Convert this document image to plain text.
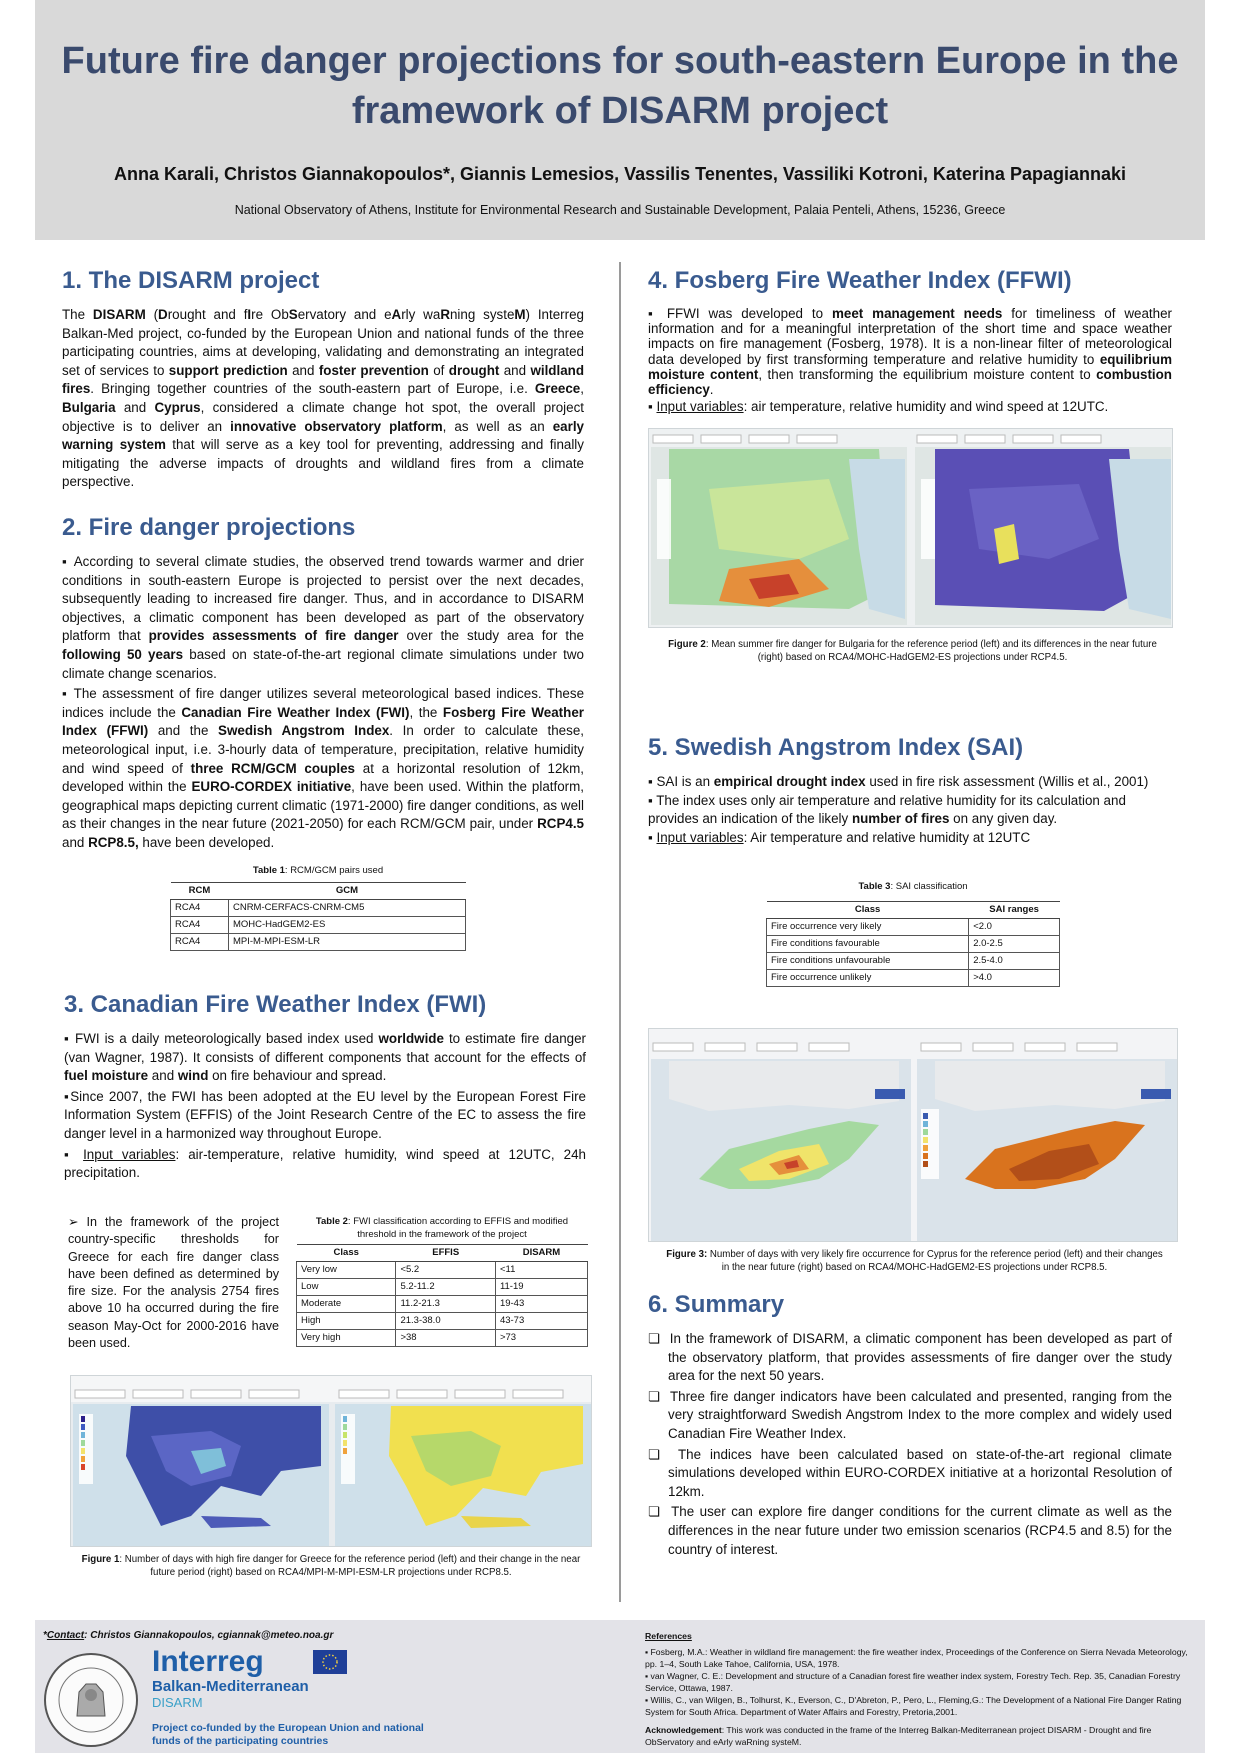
Future fire danger projections for south-eastern Europe in the
framework of DISARM project
Anna Karali, Christos Giannakopoulos*, Giannis Lemesios, Vassilis Tenentes, Vassiliki Kotroni, Katerina Papagiannaki
National Observatory of Athens, Institute for Environmental Research and Sustainable Development, Palaia Penteli, Athens, 15236, Greece
1. The DISARM project
The DISARM (Drought and fIre ObServatory and eArly waRning systeM) Interreg Balkan-Med project, co-funded by the European Union and national funds of the three participating countries, aims at developing, validating and demonstrating an integrated set of services to support prediction and foster prevention of drought and wildland fires. Bringing together countries of the south-eastern part of Europe, i.e. Greece, Bulgaria and Cyprus, considered a climate change hot spot, the overall project objective is to deliver an innovative observatory platform, as well as an early warning system that will serve as a key tool for preventing, addressing and finally mitigating the adverse impacts of droughts and wildland fires from a climate perspective.
2. Fire danger projections
▪ According to several climate studies, the observed trend towards warmer and drier conditions in south-eastern Europe is projected to persist over the next decades, subsequently leading to increased fire danger. Thus, and in accordance to DISARM objectives, a climatic component has been developed as part of the observatory platform that provides assessments of fire danger over the study area for the following 50 years based on state-of-the-art regional climate simulations under two climate change scenarios.
▪ The assessment of fire danger utilizes several meteorological based indices. These indices include the Canadian Fire Weather Index (FWI), the Fosberg Fire Weather Index (FFWI) and the Swedish Angstrom Index. In order to calculate these, meteorological input, i.e. 3-hourly data of temperature, precipitation, relative humidity and wind speed of three RCM/GCM couples at a horizontal resolution of 12km, developed within the EURO-CORDEX initiative, have been used. Within the platform, geographical maps depicting current climatic (1971-2000) fire danger conditions, as well as their changes in the near future (2021-2050) for each RCM/GCM pair, under RCP4.5 and RCP8.5, have been developed.
Table 1: RCM/GCM pairs used
RCM	GCM
RCA4	CNRM-CERFACS-CNRM-CM5
RCA4	MOHC-HadGEM2-ES
RCA4	MPI-M-MPI-ESM-LR
3. Canadian Fire Weather Index (FWI)
▪ FWI is a daily meteorologically based index used worldwide to estimate fire danger (van Wagner, 1987). It consists of different components that account for the effects of fuel moisture and wind on fire behaviour and spread.
▪ Since 2007, the FWI has been adopted at the EU level by the European Forest Fire Information System (EFFIS) of the Joint Research Centre of the EC to assess the fire danger level in a harmonized way throughout Europe.
▪ Input variables: air-temperature, relative humidity, wind speed at 12UTC, 24h precipitation.
➢ In the framework of the project country-specific thresholds for Greece for each fire danger class have been defined as determined by fire size. For the analysis 2754 fires above 10 ha occurred during the fire season May-Oct for 2000-2016 have been used.
Table 2: FWI classification according to EFFIS and modified threshold in the framework of the project
Class	EFFIS	DISARM
Very low	<5.2	<11
Low	5.2-11.2	11-19
Moderate	11.2-21.3	19-43
High	21.3-38.0	43-73
Very high	>38	>73
Figure 1: Number of days with high fire danger for Greece for the reference period (left) and their change in the near future period (right) based on RCA4/MPI-M-MPI-ESM-LR projections under RCP8.5.
4. Fosberg Fire Weather Index (FFWI)
▪ FFWI was developed to meet management needs for timeliness of weather information and for a meaningful interpretation of the short time and space weather impacts on fire management (Fosberg, 1978). It is a non-linear filter of meteorological data developed by first transforming temperature and relative humidity to equilibrium moisture content, then transforming the equilibrium moisture content to combustion efficiency.
▪ Input variables: air temperature, relative humidity and wind speed at 12UTC.
Figure 2: Mean summer fire danger for Bulgaria for the reference period (left) and its differences in the near future (right) based on RCA4/MOHC-HadGEM2-ES projections under RCP4.5.
5. Swedish Angstrom Index (SAI)
▪ SAI is an empirical drought index used in fire risk assessment (Willis et al., 2001)
▪ The index uses only air temperature and relative humidity for its calculation and provides an indication of the likely number of fires on any given day.
▪ Input variables: Air temperature and relative humidity at 12UTC
Table 3: SAI classification
Class	SAI ranges
Fire occurrence very likely	<2.0
Fire conditions favourable	2.0-2.5
Fire conditions unfavourable	2.5-4.0
Fire occurrence unlikely	>4.0
Figure 3: Number of days with very likely fire occurrence for Cyprus for the reference period (left) and their changes in the near future (right) based on RCA4/MOHC-HadGEM2-ES projections under RCP8.5.
6. Summary
❏  In the framework of DISARM, a climatic component has been developed as part of the observatory platform, that provides assessments of fire danger over the study area for the next 50 years.
❏  Three fire danger indicators have been calculated and presented, ranging from the very straightforward Swedish Angstrom Index to the more complex and widely used Canadian Fire Weather Index.
❏  The indices have been calculated based on state-of-the-art regional climate simulations developed within EURO-CORDEX initiative at a horizontal Resolution of 12km.
❏  The user can explore fire danger conditions for the current climate as well as the differences in the near future under two emission scenarios (RCP4.5 and 8.5) for the country of interest.
*Contact: Christos Giannakopoulos, cgiannak@meteo.noa.gr
Interreg
Balkan-Mediterranean
DISARM
Project co-funded by the European Union and national
funds of the participating countries
References
▪ Fosberg, M.A.: Weather in wildland fire management: the fire weather index, Proceedings of the Conference on Sierra Nevada Meteorology, pp. 1–4, South Lake Tahoe, California, USA, 1978.
▪ van Wagner, C. E.: Development and structure of a Canadian forest fire weather index system, Forestry Tech. Rep. 35, Canadian Forestry Service, Ottawa, 1987.
▪ Willis, C., van Wilgen, B., Tolhurst, K., Everson, C., D'Abreton, P., Pero, L., Fleming,G.: The Development of a National Fire Danger Rating System for South Africa. Department of Water Affairs and Forestry, Pretoria,2001.
Acknowledgement: This work was conducted in the frame of the Interreg Balkan-Mediterranean project DISARM - Drought and fire ObServatory and eArly waRning systeM.
